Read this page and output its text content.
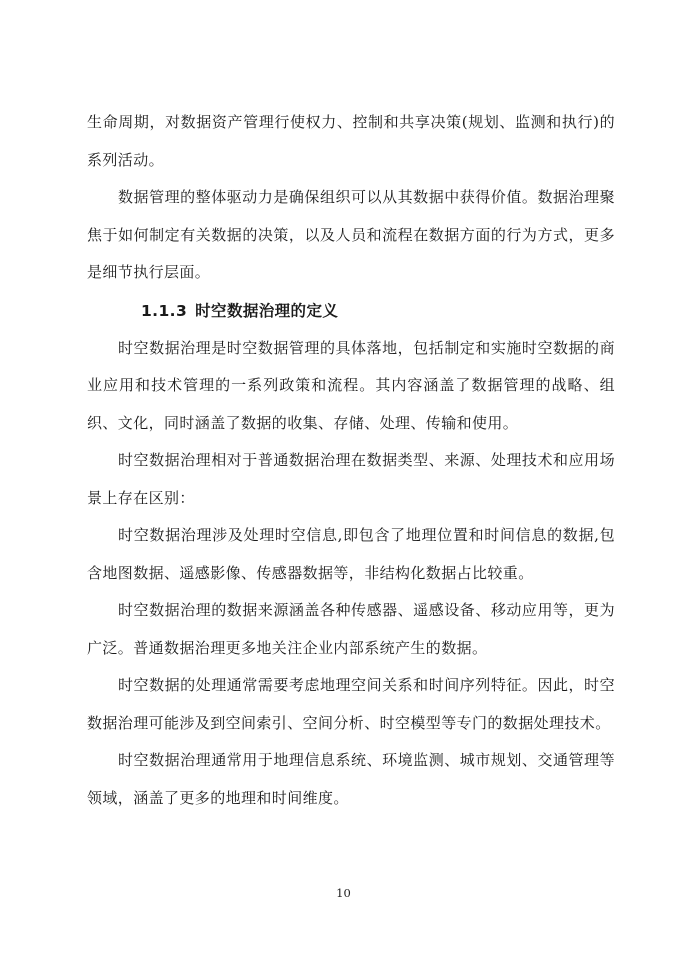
生命周期，对数据资产管理行使权力、控制和共享决策(规划、监测和执行)的系列活动。

数据管理的整体驱动力是确保组织可以从其数据中获得价值。数据治理聚焦于如何制定有关数据的决策，以及人员和流程在数据方面的行为方式，更多是细节执行层面。

1.1.3 时空数据治理的定义

时空数据治理是时空数据管理的具体落地，包括制定和实施时空数据的商业应用和技术管理的一系列政策和流程。其内容涵盖了数据管理的战略、组织、文化，同时涵盖了数据的收集、存储、处理、传输和使用。

时空数据治理相对于普通数据治理在数据类型、来源、处理技术和应用场景上存在区别：

时空数据治理涉及处理时空信息,即包含了地理位置和时间信息的数据,包含地图数据、遥感影像、传感器数据等，非结构化数据占比较重。

时空数据治理的数据来源涵盖各种传感器、遥感设备、移动应用等，更为广泛。普通数据治理更多地关注企业内部系统产生的数据。

时空数据的处理通常需要考虑地理空间关系和时间序列特征。因此，时空数据治理可能涉及到空间索引、空间分析、时空模型等专门的数据处理技术。

时空数据治理通常用于地理信息系统、环境监测、城市规划、交通管理等领域，涵盖了更多的地理和时间维度。

10
